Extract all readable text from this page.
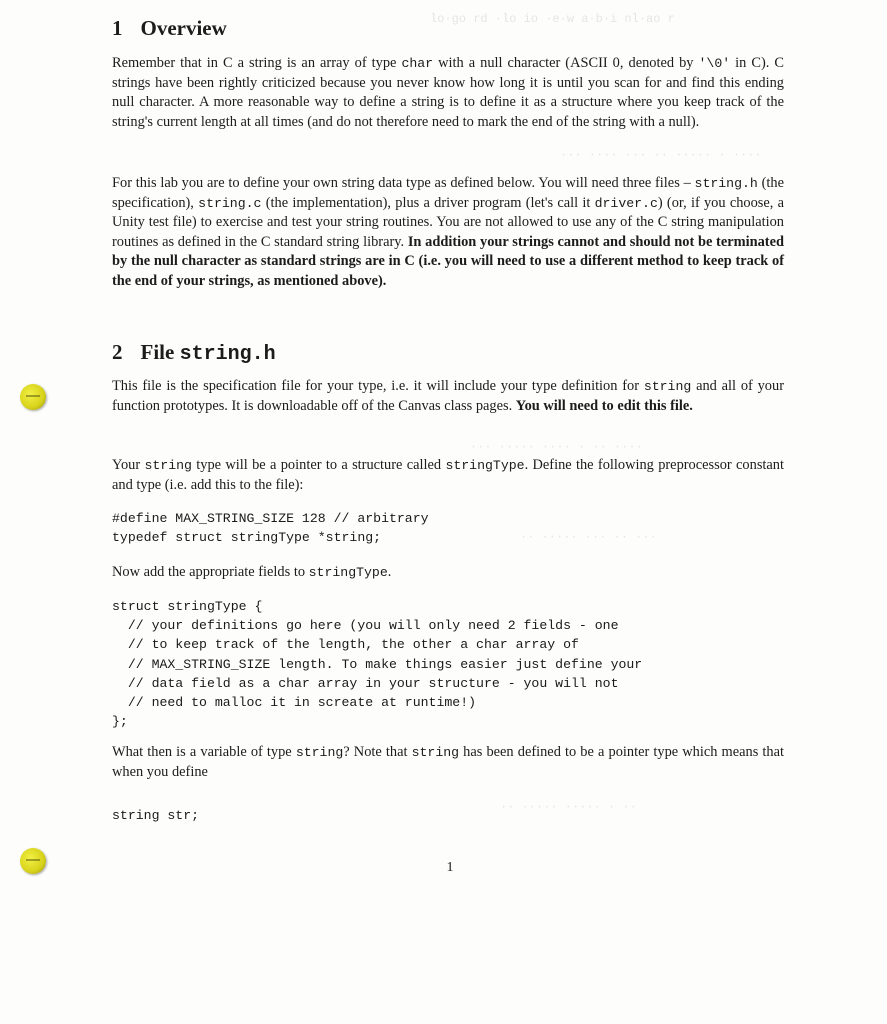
lo·go rd ·lo io ·e·w a·b·i nl·ao r
··· ···· ··· ·· ····· · ····
··· ····· ···· · ·· ····
·· ····· ··· ·· ···
·· ····· ····· · ··
1 Overview

Remember that in C a string is an array of type char with a null character (ASCII 0, denoted by '\0' in C). C strings have been rightly criticized because you never know how long it is until you scan for and find this ending null character. A more reasonable way to define a string is to define it as a structure where you keep track of the string's current length at all times (and do not therefore need to mark the end of the string with a null).

For this lab you are to define your own string data type as defined below. You will need three files – string.h (the specification), string.c (the implementation), plus a driver program (let's call it driver.c) (or, if you choose, a Unity test file) to exercise and test your string routines. You are not allowed to use any of the C string manipulation routines as defined in the C standard string library. In addition your strings cannot and should not be terminated by the null character as standard strings are in C (i.e. you will need to use a different method to keep track of the end of your strings, as mentioned above).

2 File string.h

This file is the specification file for your type, i.e. it will include your type definition for string and all of your function prototypes. It is downloadable off of the Canvas class pages. You will need to edit this file.

Your string type will be a pointer to a structure called stringType. Define the following preprocessor constant and type (i.e. add this to the file):

#define MAX_STRING_SIZE 128 // arbitrary
typedef struct stringType *string;

Now add the appropriate fields to stringType.

struct stringType {
// your definitions go here (you will only need 2 fields - one
// to keep track of the length, the other a char array of
// MAX_STRING_SIZE length. To make things easier just define your
// data field as a char array in your structure - you will not
// need to malloc it in screate at runtime!)
};

What then is a variable of type string? Note that string has been defined to be a pointer type which means that when you define

string str;
1
